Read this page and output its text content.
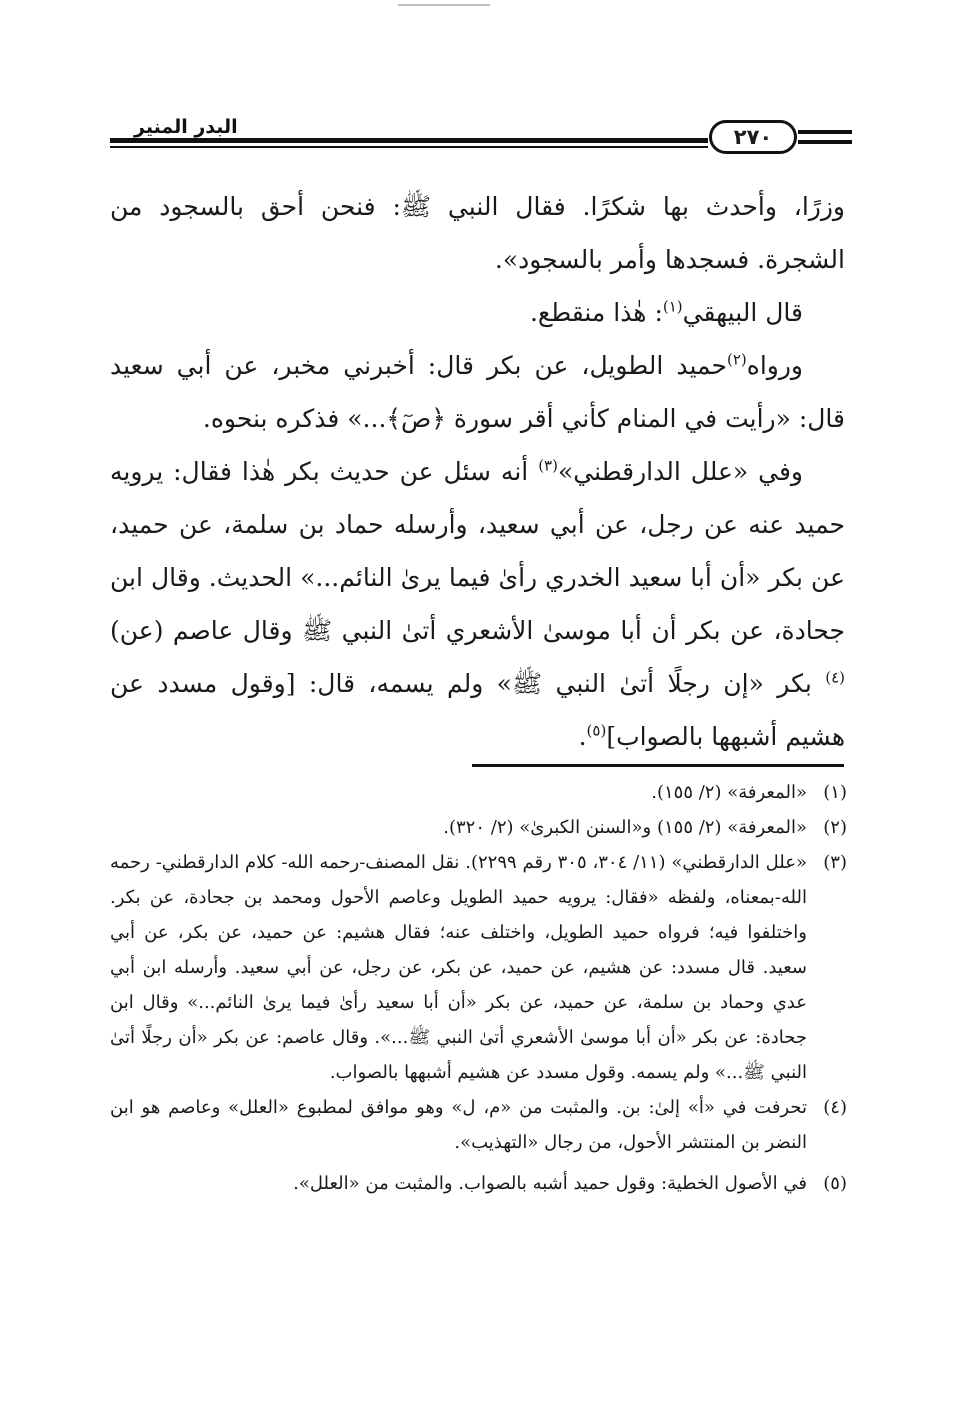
البدر المنير	٢٧٠

وزرًا، وأحدث بها شكرًا. فقال النبي ﷺ: فنحن أحق بالسجود من الشجرة. فسجدها وأمر بالسجود».

قال البيهقي$^{(١)}$: هٰذا منقطع.

ورواه$^{(٢)}$حميد الطويل، عن بكر قال: أخبرني مخبر، عن أبي سعيد قال: «رأيت في المنام كأني أقر سورة ﴿صٓ﴾...» فذكره بنحوه.

وفي «علل الدارقطني»$^{(٣)}$ أنه سئل عن حديث بكر هٰذا فقال: يرويه حميد عنه عن رجل، عن أبي سعيد، وأرسله حماد بن سلمة، عن حميد، عن بكر «أن أبا سعيد الخدري رأىٰ فيما يرىٰ النائم...» الحديث. وقال ابن جحادة، عن بكر أن أبا موسىٰ الأشعري أتىٰ النبي ﷺ وقال عاصم (عن)$^{(٤)}$ بكر «إن رجلًا أتىٰ النبي ﷺ» ولم يسمه، قال: [وقول مسدد عن هشيم أشبهها بالصواب]$^{(٥)}$.

(١)
«المعرفة» (٢/ ١٥٥).
(٢)
«المعرفة» (٢/ ١٥٥) و«السنن الكبرىٰ» (٢/ ٣٢٠).
(٣)
«علل الدارقطني» (١١/ ٣٠٤، ٣٠٥ رقم ٢٢٩٩). نقل المصنف-رحمه الله- كلام الدارقطني- رحمه الله-بمعناه، ولفظه «فقال: يرويه حميد الطويل وعاصم الأحول ومحمد بن جحادة، عن بكر. واختلفوا فيه؛ فرواه حميد الطويل، واختلف عنه؛ فقال هشيم: عن حميد، عن بكر، عن أبي سعيد. قال مسدد: عن هشيم، عن حميد، عن بكر، عن رجل، عن أبي سعيد. وأرسله ابن أبي عدي وحماد بن سلمة، عن حميد، عن بكر «أن أبا سعيد رأىٰ فيما يرىٰ النائم...» وقال ابن جحادة: عن بكر «أن أبا موسىٰ الأشعري أتىٰ النبي ﷺ...». وقال عاصم: عن بكر «أن رجلًا أتىٰ النبي ﷺ...» ولم يسمه. وقول مسدد عن هشيم أشبهها بالصواب.
(٤)
تحرفت في «أ» إلىٰ: بن. والمثبت من «م، ل» وهو موافق لمطبوع «العلل» وعاصم هو ابن النضر بن المنتشر الأحول، من رجال «التهذيب».
(٥)
في الأصول الخطية: وقول حميد أشبه بالصواب. والمثبت من «العلل».
